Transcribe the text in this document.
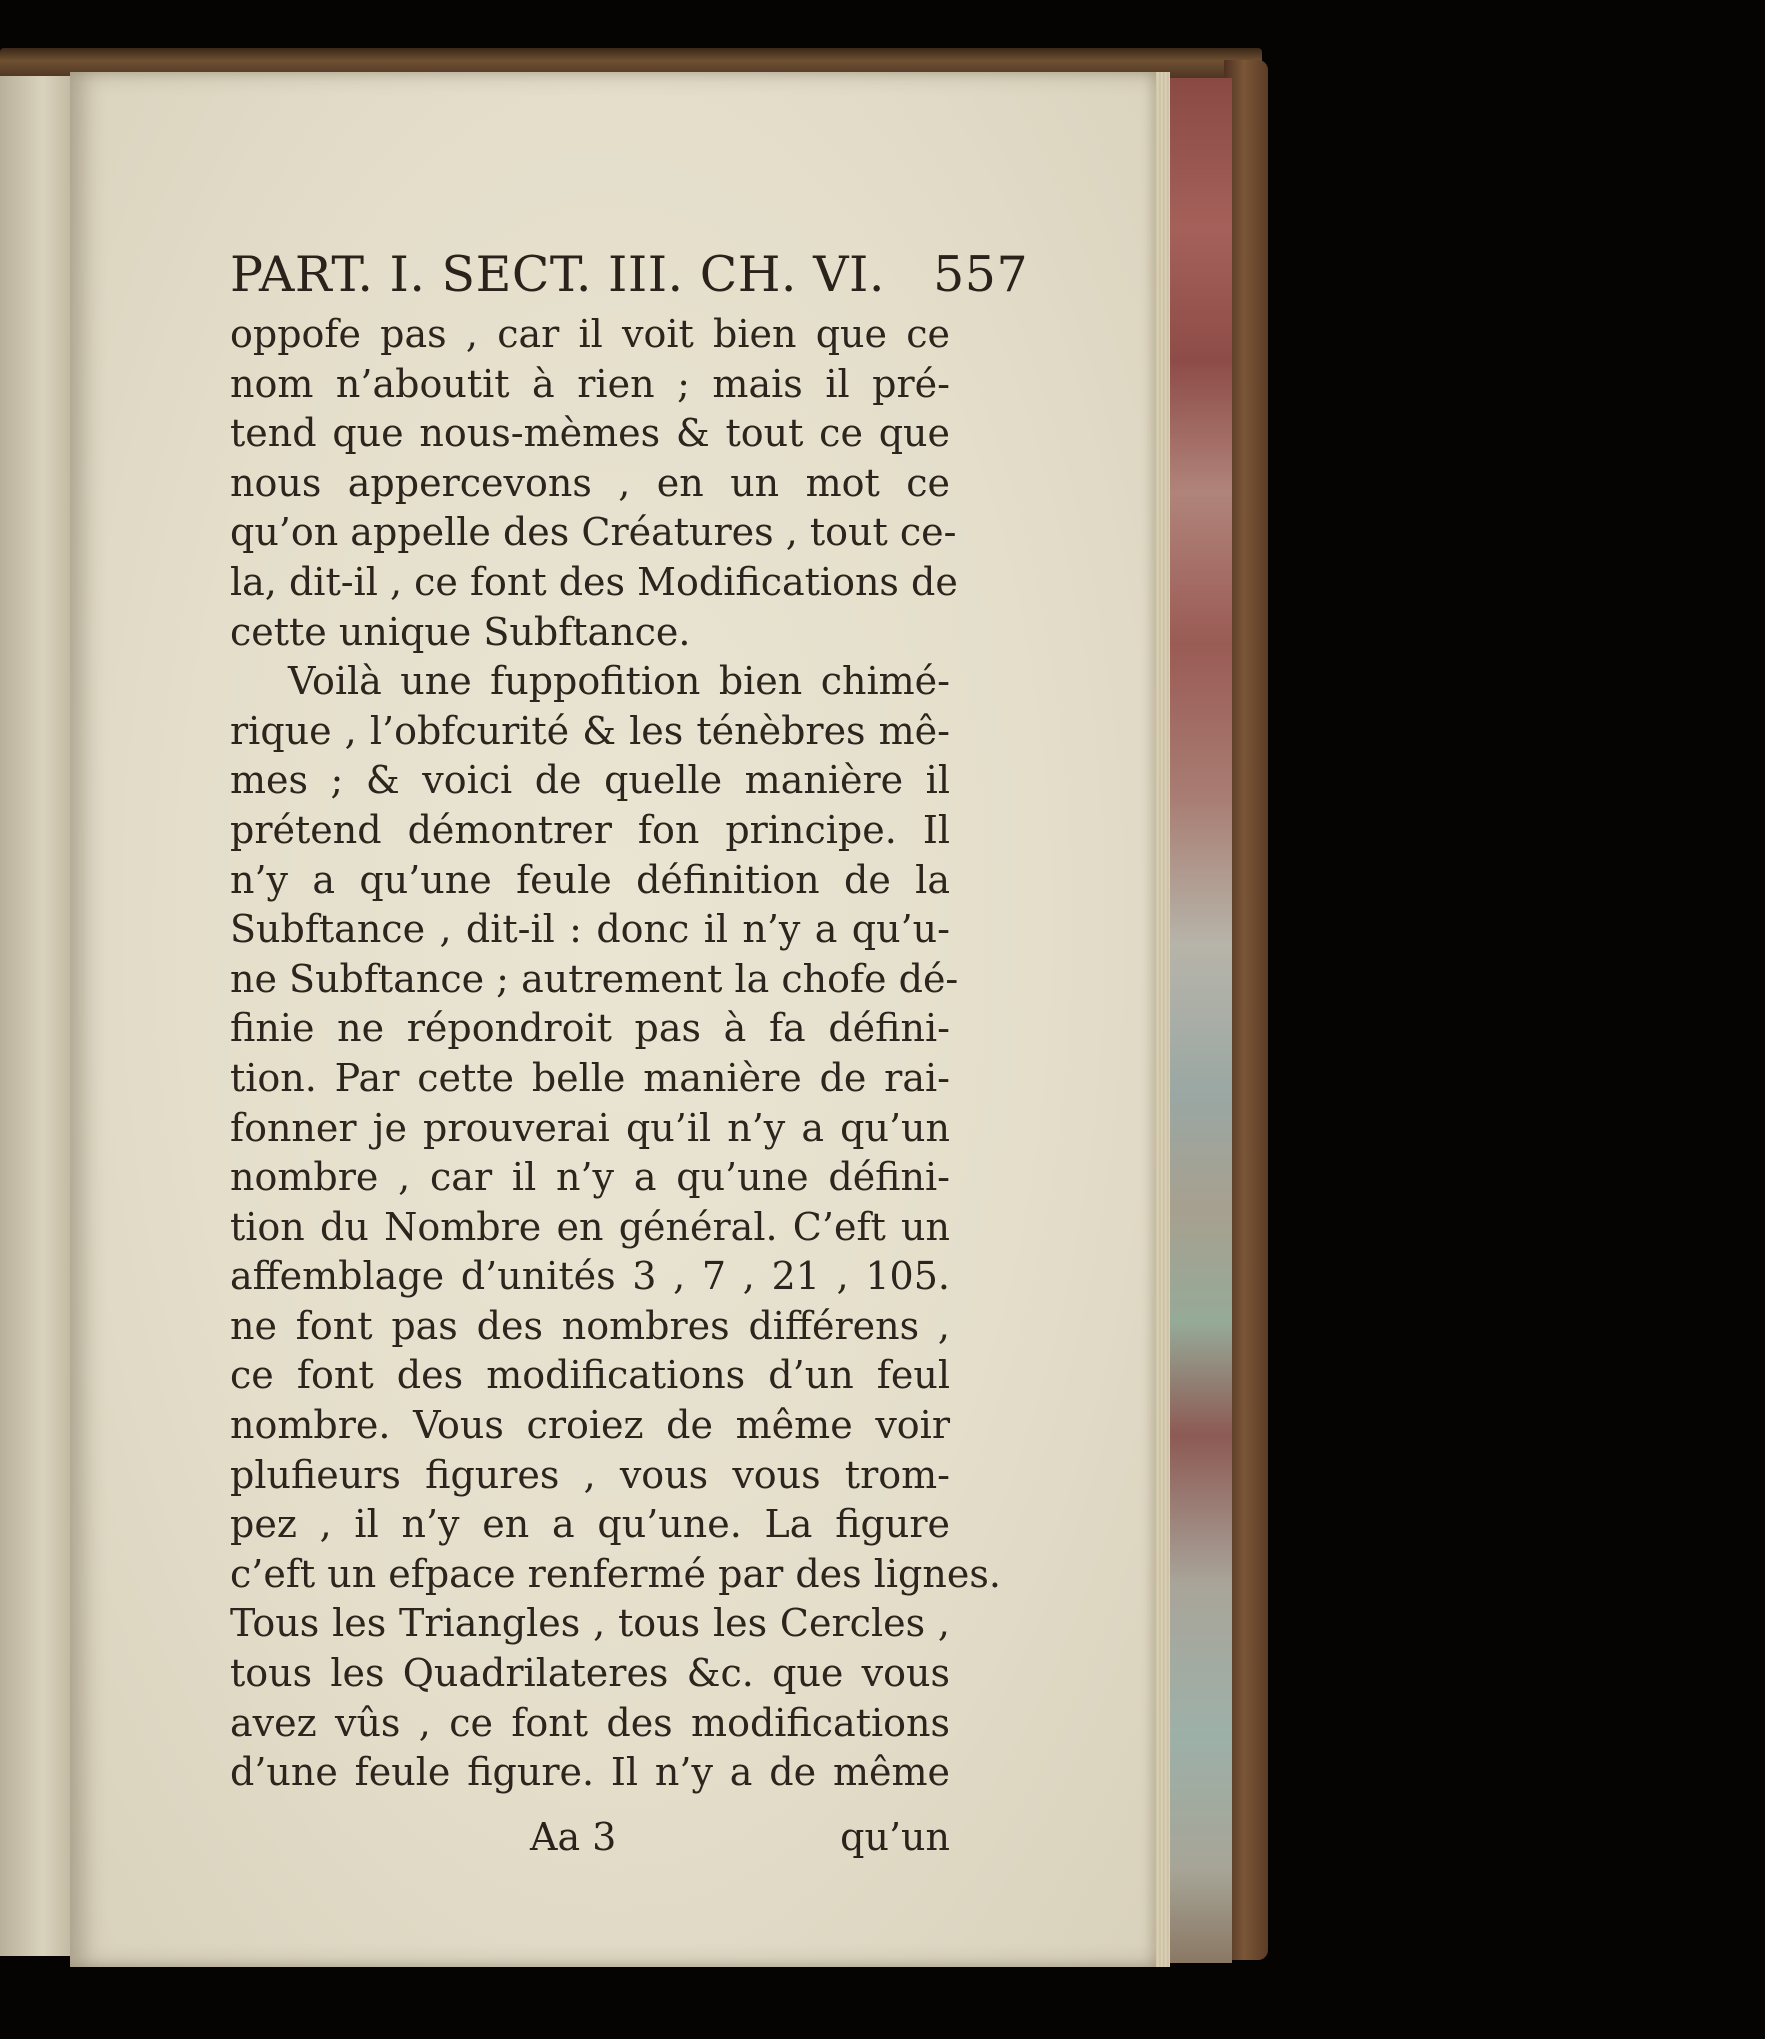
PART. I. SECT. III. CH. VI.   557
oppofe pas , car il voit bien que ce
nom n’aboutit à rien ; mais il pré-
tend que nous-mèmes & tout ce que
nous appercevons , en un mot ce
qu’on appelle des Créatures , tout ce-
la, dit-il , ce font des Modifications de
cette unique Subftance.
Voilà une fuppofition bien chimé-
rique , l’obfcurité & les ténèbres mê-
mes ; & voici de quelle manière il
prétend démontrer fon principe. Il
n’y a qu’une feule définition de la
Subftance , dit-il : donc il n’y a qu’u-
ne Subftance ; autrement la chofe dé-
finie ne répondroit pas à fa défini-
tion. Par cette belle manière de rai-
fonner je prouverai qu’il n’y a qu’un
nombre , car il n’y a qu’une défini-
tion du Nombre en général. C’eft un
affemblage d’unités 3 , 7 , 21 , 105.
ne font pas des nombres différens ,
ce font des modifications d’un feul
nombre. Vous croiez de même voir
plufieurs figures , vous vous trom-
pez , il n’y en a qu’une. La figure
c’eft un efpace renfermé par des lignes.
Tous les Triangles , tous les Cercles ,
tous les Quadrilateres &c. que vous
avez vûs , ce font des modifications
d’une feule figure. Il n’y a de même
Aa 3	qu’un
